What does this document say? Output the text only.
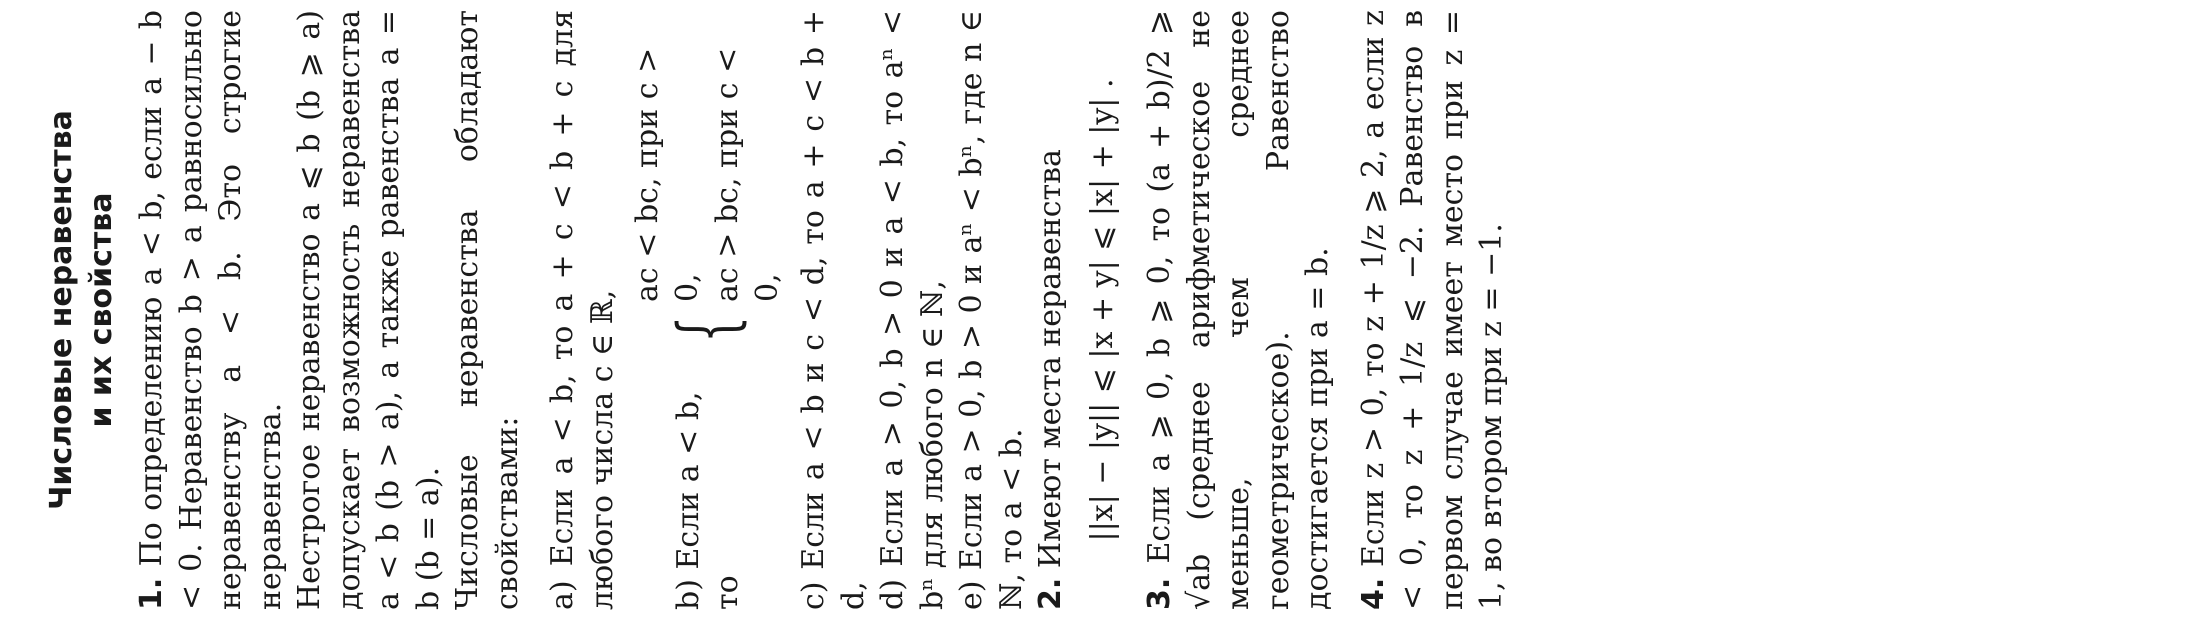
Числовые неравенства и их свойства

1. По определению a < b, если a − b < 0. Неравенство b > a равносильно неравенству a < b. Это строгие неравенства. Нестрогое неравенство a ⩽ b (b ⩾ a) допускает возможность неравенства a < b (b > a), а также равенства a = b (b = a). Числовые неравенства обладают свойствами: a) Если a < b, то a + c < b + c для любого числа c ∈ ℝ, b) Если a < b, то
{
ac < bc, при c > 0, ac > bc, при c < 0, c) Если a < b и c < d, то a + c < b + d, d) Если a > 0, b > 0 и a < b, то aⁿ < bⁿ для любого n ∈ ℕ, e) Если a > 0, b > 0 и aⁿ < bⁿ, где n ∈ ℕ, то a < b. 2. Имеют места неравенства ||x| − |y|| ⩽ |x + y| ⩽ |x| + |y| .

3. Если a ⩾ 0, b ⩾ 0, то (a + b)/2 ⩾ √ab (среднее арифметическое не меньше, чем среднее геометрическое). Равенство достигается при a = b. 4. Если z > 0, то z + 1/z ⩾ 2, а если z < 0, то z + 1/z ⩽ −2. Равенство в первом случае имеет место при z = 1, во втором при z = −1.
